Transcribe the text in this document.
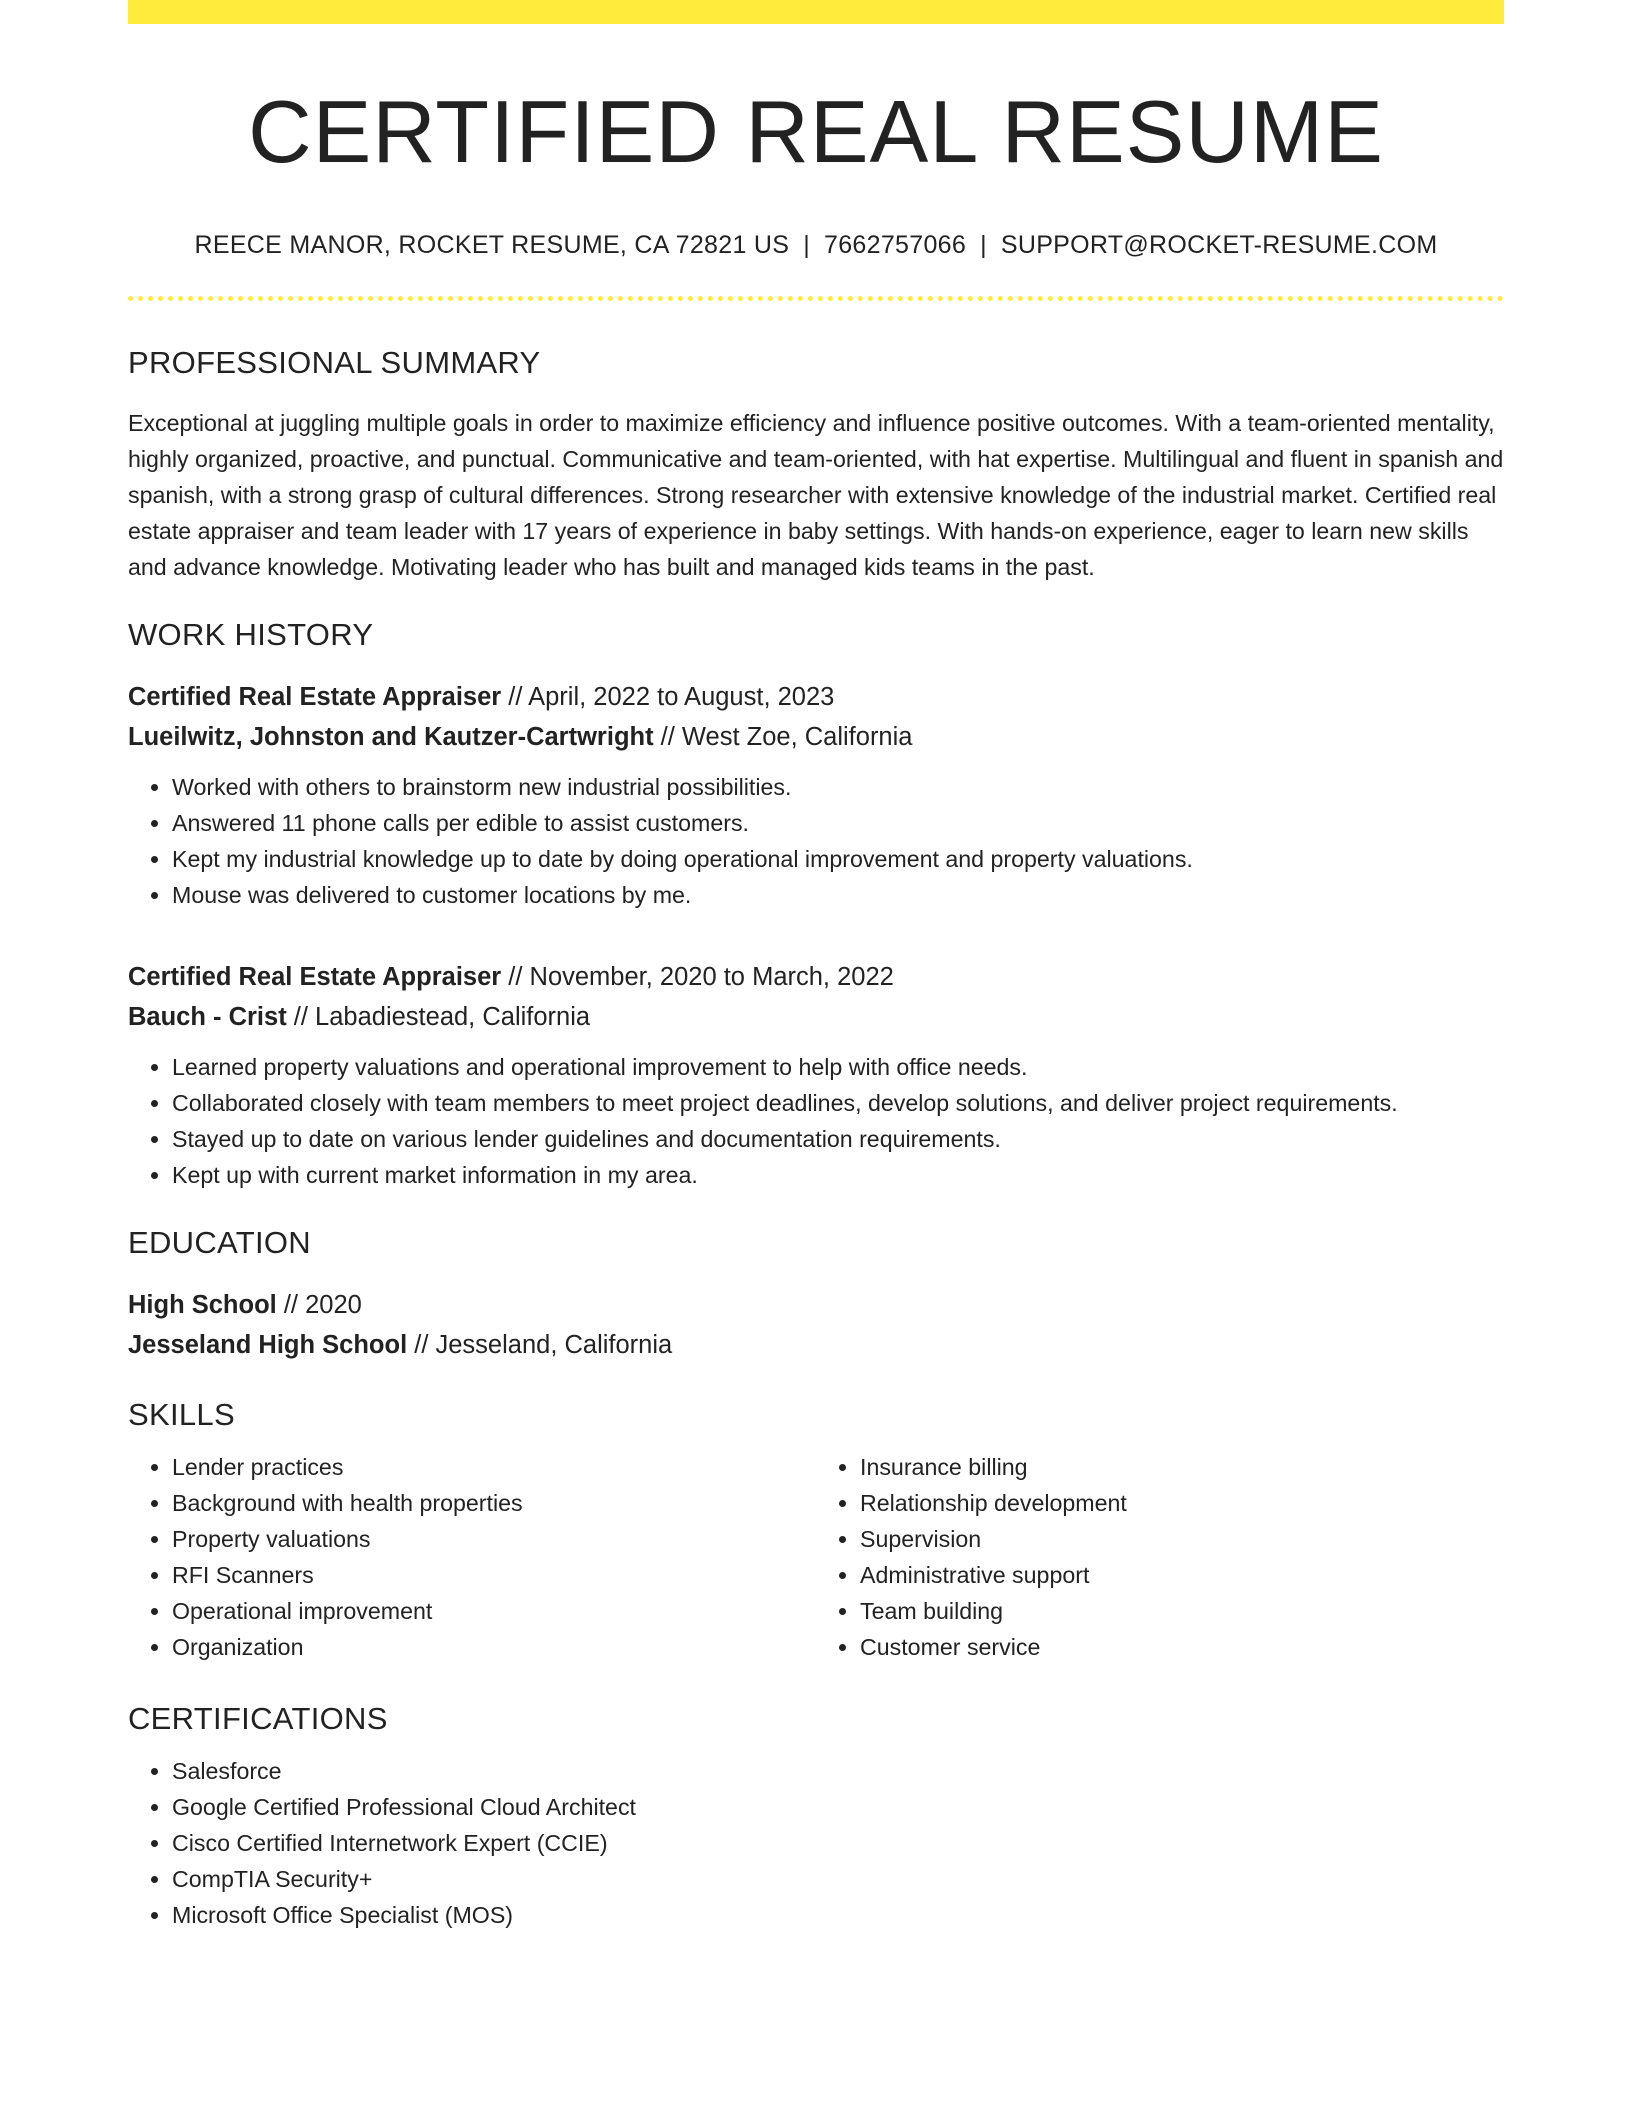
CERTIFIED REAL RESUME
REECE MANOR, ROCKET RESUME, CA 72821 US | 7662757066 | SUPPORT@ROCKET-RESUME.COM
PROFESSIONAL SUMMARY
Exceptional at juggling multiple goals in order to maximize efficiency and influence positive outcomes. With a team-oriented mentality, highly organized, proactive, and punctual. Communicative and team-oriented, with hat expertise. Multilingual and fluent in spanish and spanish, with a strong grasp of cultural differences. Strong researcher with extensive knowledge of the industrial market. Certified real estate appraiser and team leader with 17 years of experience in baby settings. With hands-on experience, eager to learn new skills and advance knowledge. Motivating leader who has built and managed kids teams in the past.
WORK HISTORY
Certified Real Estate Appraiser // April, 2022 to August, 2023
Lueilwitz, Johnston and Kautzer-Cartwright // West Zoe, California
• Worked with others to brainstorm new industrial possibilities.
• Answered 11 phone calls per edible to assist customers.
• Kept my industrial knowledge up to date by doing operational improvement and property valuations.
• Mouse was delivered to customer locations by me.
Certified Real Estate Appraiser // November, 2020 to March, 2022
Bauch - Crist // Labadiestead, California
• Learned property valuations and operational improvement to help with office needs.
• Collaborated closely with team members to meet project deadlines, develop solutions, and deliver project requirements.
• Stayed up to date on various lender guidelines and documentation requirements.
• Kept up with current market information in my area.
EDUCATION
High School // 2020
Jesseland High School // Jesseland, California
SKILLS
• Lender practices
• Background with health properties
• Property valuations
• RFI Scanners
• Operational improvement
• Organization
• Insurance billing
• Relationship development
• Supervision
• Administrative support
• Team building
• Customer service
CERTIFICATIONS
• Salesforce
• Google Certified Professional Cloud Architect
• Cisco Certified Internetwork Expert (CCIE)
• CompTIA Security+
• Microsoft Office Specialist (MOS)
